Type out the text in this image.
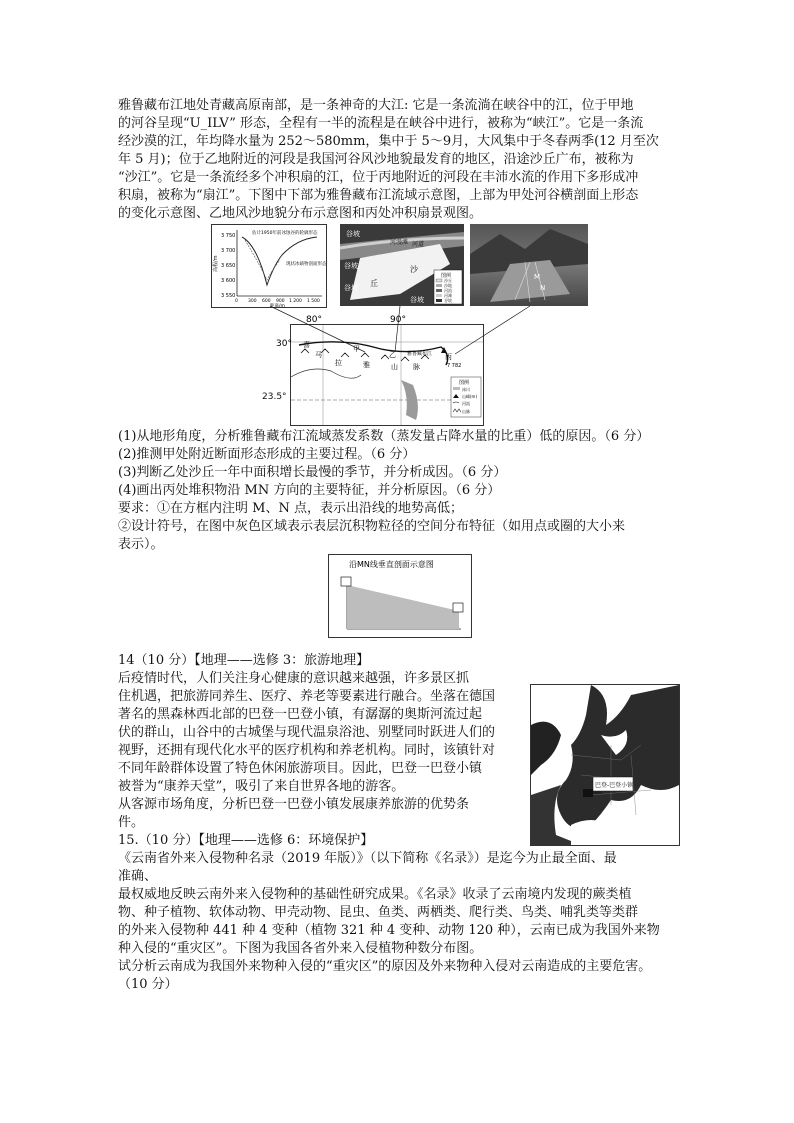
雅鲁藏布江地处青藏高原南部，是一条神奇的大江: 它是一条流淌在峡谷中的江，位于甲地
的河谷呈现“U_ILV” 形态，全程有一半的流程是在峡谷中进行，被称为“峡江”。它是一条流
经沙漠的江，年均降水量为 252～580mm，集中于 5～9月，大风集中于冬春两季(12 月至次
年 5 月)；位于乙地附近的河段是我国河谷风沙地貌最发育的地区，沿途沙丘广布，被称为
“沙江”。它是一条流经多个冲积扇的江，位于丙地附近的河段在丰沛水流的作用下多形成冲
积扇，被称为“扇江”。下图中下部为雅鲁藏布江流域示意图，上部为甲处河谷横剖面上形态
的变化示意图、乙地风沙地貌分布示意图和丙处冲积扇景观图。
高程/m
3 750
3 700
3 650
3 600
3 550
0 300 600 900 1 200 1 500
距离/m
估计1950年前冰蚀谷的轮廓形态
现状冰碛物剖面形态
谷坡
河漫滩 河道
谷坡
谷坡 丘
沙
谷坡
图例
沙丘
沙地
河流
河滩
谷坡
M
N
喜
马
拉	雅	山 脉
甲
乙	丙
雅鲁藏布江
7 782
图例
冰川
山峰(m)
河流
山脉
80°	90°
30°
23.5°
(1)从地形角度，分析雅鲁藏布江流域蒸发系数（蒸发量占降水量的比重）低的原因。（6 分）
(2)推测甲处附近断面形态形成的主要过程。（6 分）
(3)判断乙处沙丘一年中面积增长最慢的季节，并分析成因。（6 分）
(4)画出丙处堆积物沿 MN 方向的主要特征，并分析原因。（6 分）
要求：①在方框内注明 M、N 点，表示出沿线的地势高低；
②设计符号，在图中灰色区域表示表层沉积物粒径的空间分布特征（如用点或圈的大小来
表示）。
沿MN线垂直剖面示意图
14（10 分）【地理——选修 3：旅游地理】
后疫情时代，人们关注身心健康的意识越来越强，许多景区抓
住机遇，把旅游同养生、医疗、养老等要素进行融合。坐落在德国
著名的黑森林西北部的巴登一巴登小镇，有潺潺的奥斯河流过起
伏的群山，山谷中的古城堡与现代温泉浴池、别墅同时跃进人们的
视野，还拥有现代化水平的医疗机构和养老机构。同时，该镇针对
不同年龄群体设置了特色休闲旅游项目。因此，巴登一巴登小镇
被誉为“康养天堂”，吸引了来自世界各地的游客。
从客源市场角度，分析巴登一巴登小镇发展康养旅游的优势条
件。
巴登-巴登小镇
15.（10 分）【地理——选修 6：环境保护】
《云南省外来入侵物种名录（2019 年版）》（以下简称《名录》）是迄今为止最全面、最
准确、
最权威地反映云南外来入侵物种的基础性研究成果。《名录》收录了云南境内发现的蕨类植
物、种子植物、软体动物、甲壳动物、昆虫、鱼类、两栖类、爬行类、鸟类、哺乳类等类群
的外来入侵物种 441 种 4 变种（植物 321 种 4 变种、动物 120 种），云南已成为我国外来物
种入侵的“重灾区”。下图为我国各省外来入侵植物种数分布图。
试分析云南成为我国外来物种入侵的“重灾区”的原因及外来物种入侵对云南造成的主要危害。
（10 分）
